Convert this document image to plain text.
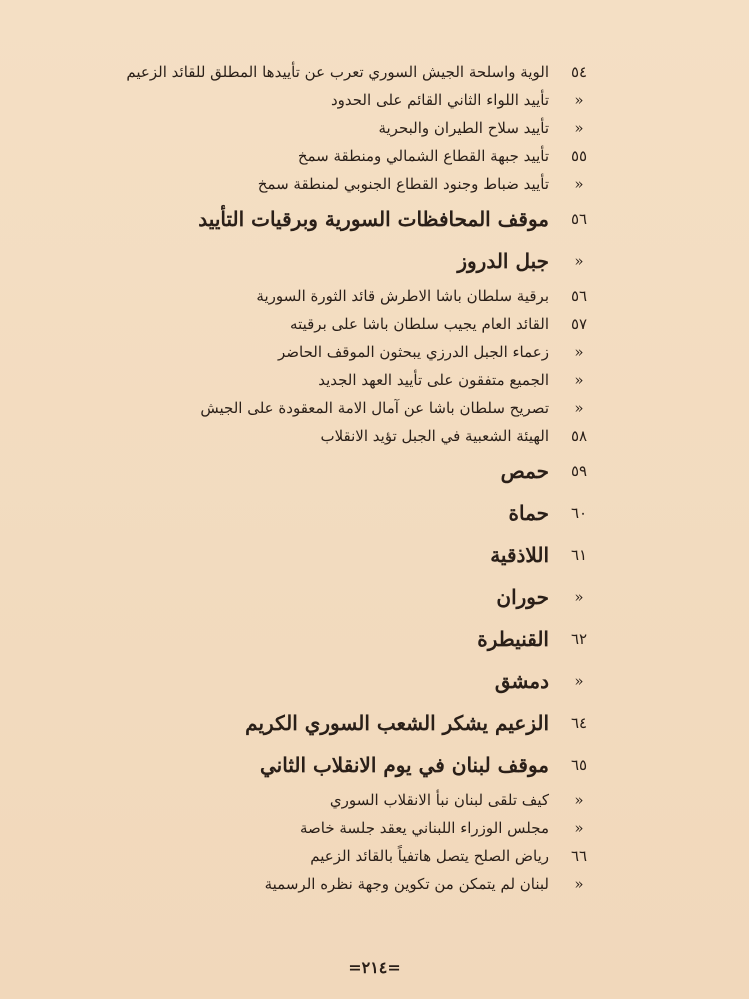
٥٤
الوية واسلحة الجيش السوري تعرب عن تأييدها المطلق للقائد الزعيم
«
تأييد اللواء الثاني القائم على الحدود
«
تأييد سلاح الطيران والبحرية
٥٥
تأييد جبهة القطاع الشمالي ومنطقة سمخ
«
تأييد ضباط وجنود القطاع الجنوبي لمنطقة سمخ
٥٦
موقف المحافظات السورية وبرقيات التأييد
«
جبل الدروز
٥٦
برقية سلطان باشا الاطرش قائد الثورة السورية
٥٧
القائد العام يجيب سلطان باشا على برقيته
«
زعماء الجبل الدرزي يبحثون الموقف الحاضر
«
الجميع متفقون على تأييد العهد الجديد
«
تصريح سلطان باشا عن آمال الامة المعقودة على الجيش
٥٨
الهيئة الشعبية في الجبل تؤيد الانقلاب
٥٩
حمص
٦٠
حماة
٦١
اللاذقية
«
حوران
٦٢
القنيطرة
«
دمشق
٦٤
الزعيم يشكر الشعب السوري الكريم
٦٥
موقف لبنان في يوم الانقلاب الثاني
«
كيف تلقى لبنان نبأ الانقلاب السوري
«
مجلس الوزراء اللبناني يعقد جلسة خاصة
٦٦
رياض الصلح يتصل هاتفياً بالقائد الزعيم
«
لبنان لم يتمكن من تكوين وجهة نظره الرسمية
=٢١٤=
